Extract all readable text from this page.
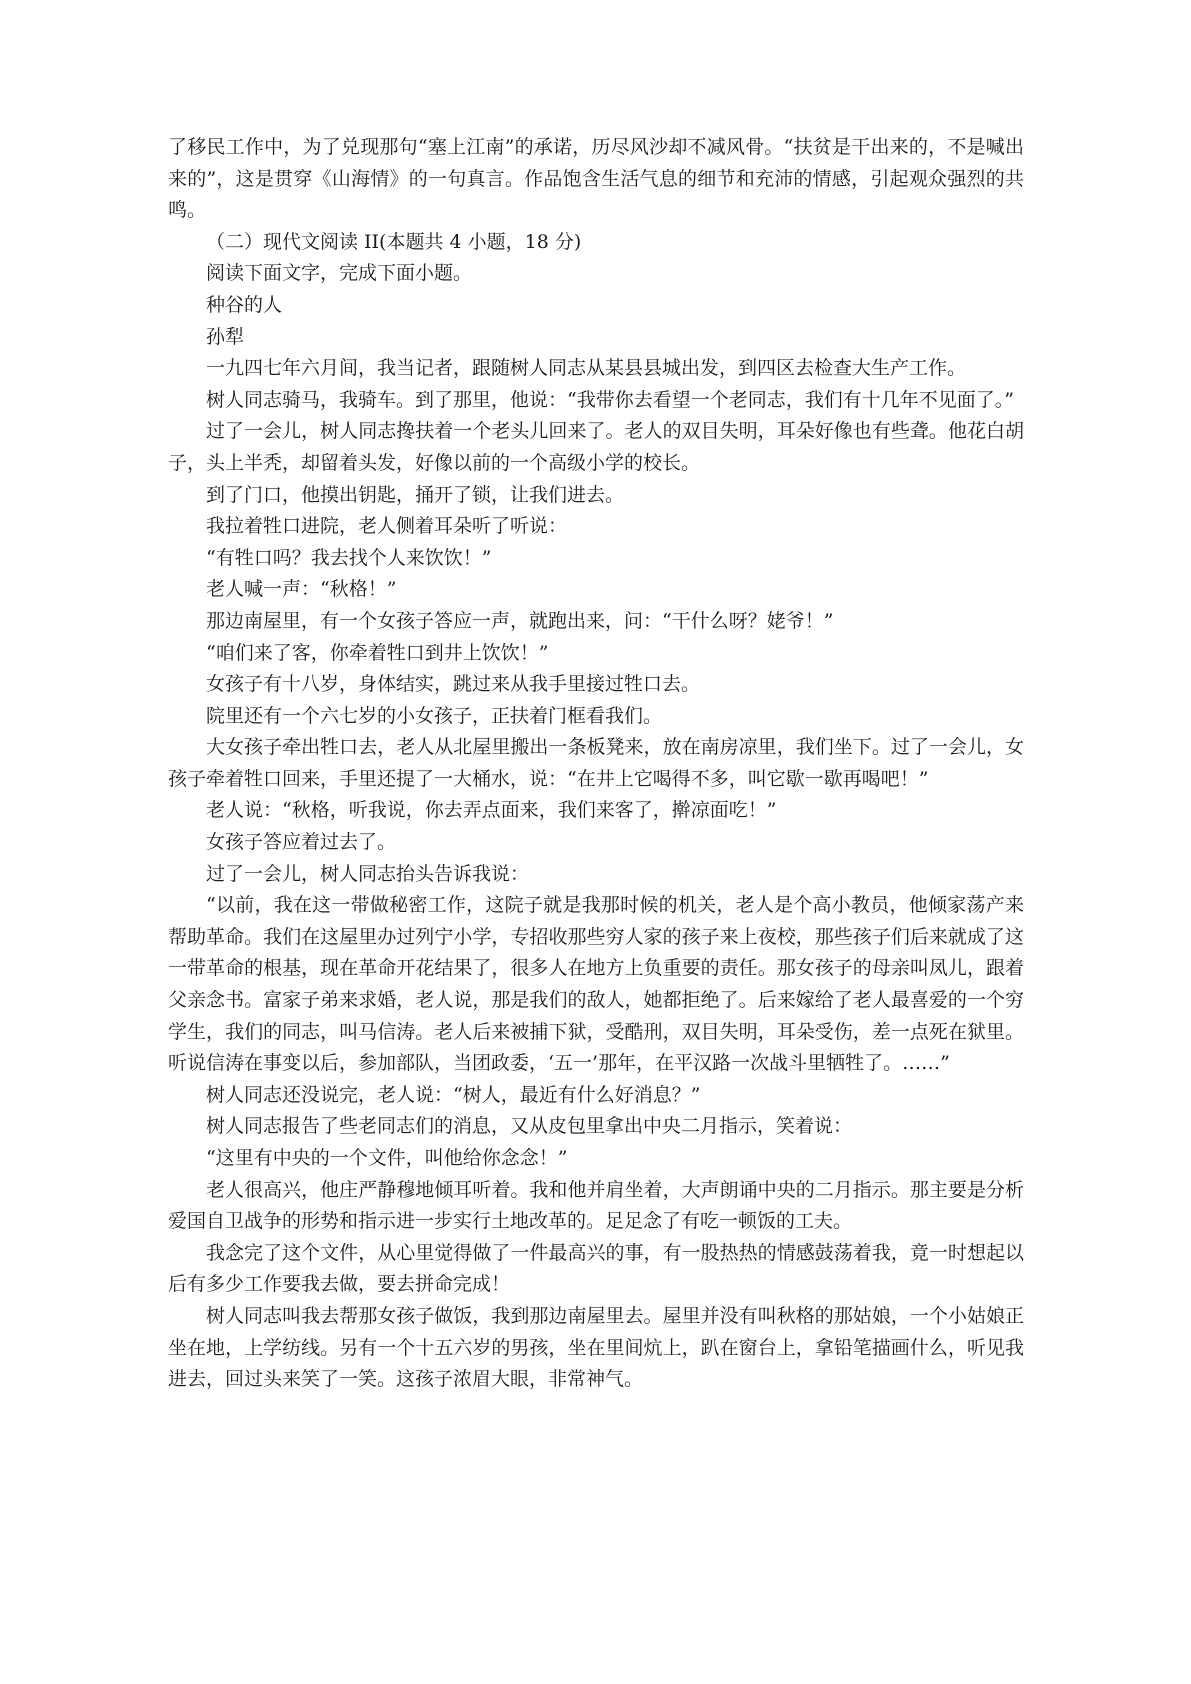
了移民工作中，为了兑现那句“塞上江南”的承诺，历尽风沙却不减风骨。“扶贫是干出来的，不是喊出来的”，这是贯穿《山海情》的一句真言。作品饱含生活气息的细节和充沛的情感，引起观众强烈的共鸣。

（二）现代文阅读 II(本题共 4 小题，18 分)

阅读下面文字，完成下面小题。

种谷的人

孙犁

一九四七年六月间，我当记者，跟随树人同志从某县县城出发，到四区去检查大生产工作。

树人同志骑马，我骑车。到了那里，他说：“我带你去看望一个老同志，我们有十几年不见面了。”

过了一会儿，树人同志搀扶着一个老头儿回来了。老人的双目失明，耳朵好像也有些聋。他花白胡子，头上半秃，却留着头发，好像以前的一个高级小学的校长。

到了门口，他摸出钥匙，捅开了锁，让我们进去。

我拉着牲口进院，老人侧着耳朵听了听说：

“有牲口吗？我去找个人来饮饮！”

老人喊一声：“秋格！”

那边南屋里，有一个女孩子答应一声，就跑出来，问：“干什么呀？姥爷！”

“咱们来了客，你牵着牲口到井上饮饮！”

女孩子有十八岁，身体结实，跳过来从我手里接过牲口去。

院里还有一个六七岁的小女孩子，正扶着门框看我们。

大女孩子牵出牲口去，老人从北屋里搬出一条板凳来，放在南房凉里，我们坐下。过了一会儿，女孩子牵着牲口回来，手里还提了一大桶水，说：“在井上它喝得不多，叫它歇一歇再喝吧！”

老人说：“秋格，听我说，你去弄点面来，我们来客了，擀凉面吃！”

女孩子答应着过去了。

过了一会儿，树人同志抬头告诉我说：

“以前，我在这一带做秘密工作，这院子就是我那时候的机关，老人是个高小教员，他倾家荡产来帮助革命。我们在这屋里办过列宁小学，专招收那些穷人家的孩子来上夜校，那些孩子们后来就成了这一带革命的根基，现在革命开花结果了，很多人在地方上负重要的责任。那女孩子的母亲叫凤儿，跟着父亲念书。富家子弟来求婚，老人说，那是我们的敌人，她都拒绝了。后来嫁给了老人最喜爱的一个穷学生，我们的同志，叫马信涛。老人后来被捕下狱，受酷刑，双目失明，耳朵受伤，差一点死在狱里。听说信涛在事变以后，参加部队，当团政委，‘五一’那年，在平汉路一次战斗里牺牲了。……”

树人同志还没说完，老人说：“树人，最近有什么好消息？”

树人同志报告了些老同志们的消息，又从皮包里拿出中央二月指示，笑着说：

“这里有中央的一个文件，叫他给你念念！”

老人很高兴，他庄严静穆地倾耳听着。我和他并肩坐着，大声朗诵中央的二月指示。那主要是分析爱国自卫战争的形势和指示进一步实行土地改革的。足足念了有吃一顿饭的工夫。

我念完了这个文件，从心里觉得做了一件最高兴的事，有一股热热的情感鼓荡着我，竟一时想起以后有多少工作要我去做，要去拼命完成！

树人同志叫我去帮那女孩子做饭，我到那边南屋里去。屋里并没有叫秋格的那姑娘，一个小姑娘正坐在地，上学纺线。另有一个十五六岁的男孩，坐在里间炕上，趴在窗台上，拿铅笔描画什么，听见我进去，回过头来笑了一笑。这孩子浓眉大眼，非常神气。
